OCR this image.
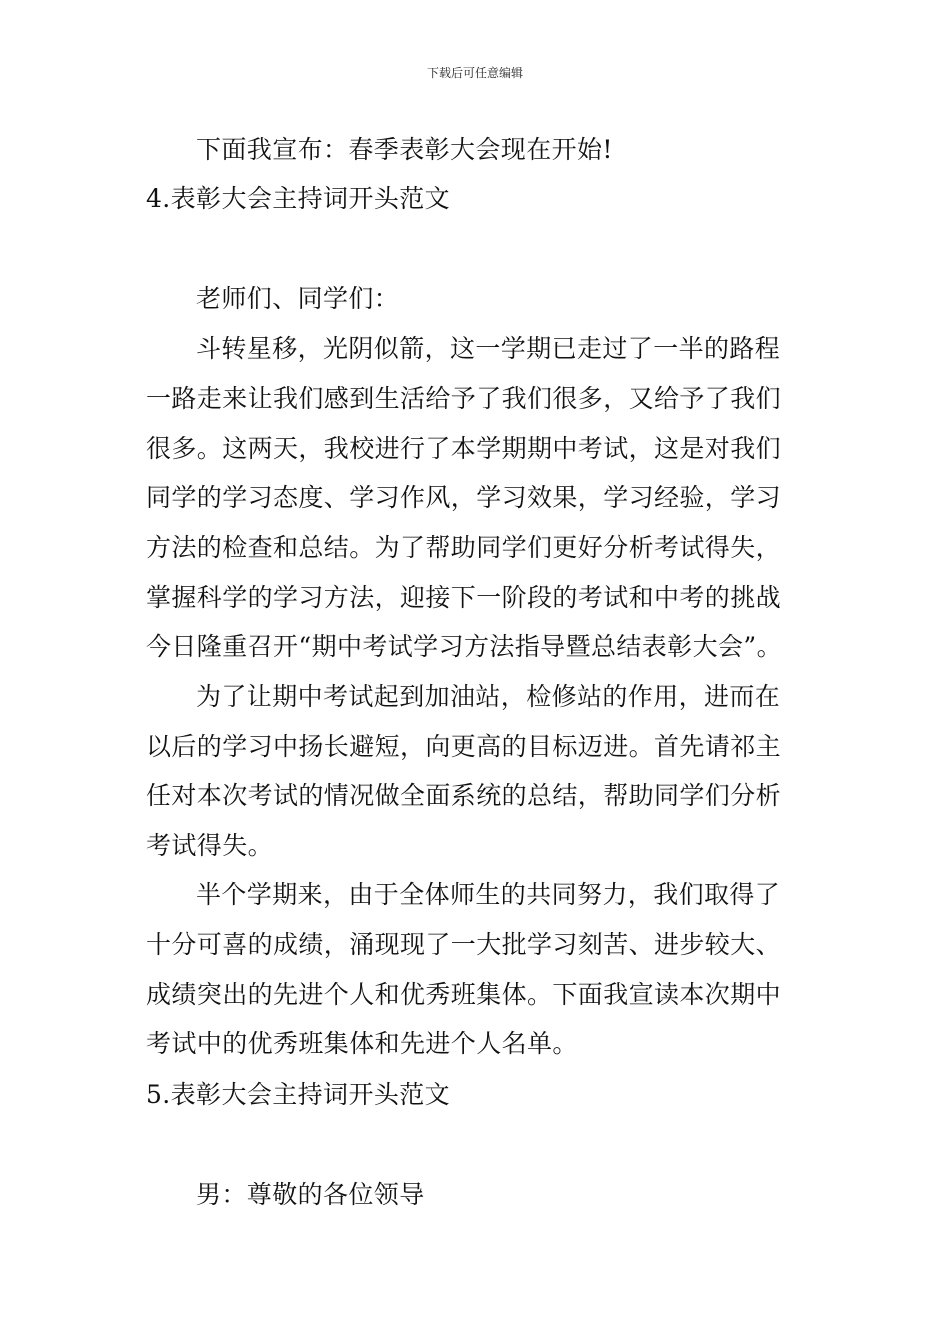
下载后可任意编辑
下面我宣布：春季表彰大会现在开始!
4.表彰大会主持词开头范文
老师们、同学们：
斗转星移，光阴似箭，这一学期已走过了一半的路程
一路走来让我们感到生活给予了我们很多，又给予了我们
很多。这两天，我校进行了本学期期中考试，这是对我们
同学的学习态度、学习作风，学习效果，学习经验，学习
方法的检查和总结。为了帮助同学们更好分析考试得失，
掌握科学的学习方法，迎接下一阶段的考试和中考的挑战
今日隆重召开“期中考试学习方法指导暨总结表彰大会”。
为了让期中考试起到加油站，检修站的作用，进而在
以后的学习中扬长避短，向更高的目标迈进。首先请祁主
任对本次考试的情况做全面系统的总结，帮助同学们分析
考试得失。
半个学期来，由于全体师生的共同努力，我们取得了
十分可喜的成绩，涌现现了一大批学习刻苦、进步较大、
成绩突出的先进个人和优秀班集体。下面我宣读本次期中
考试中的优秀班集体和先进个人名单。
5.表彰大会主持词开头范文
男：尊敬的各位领导
